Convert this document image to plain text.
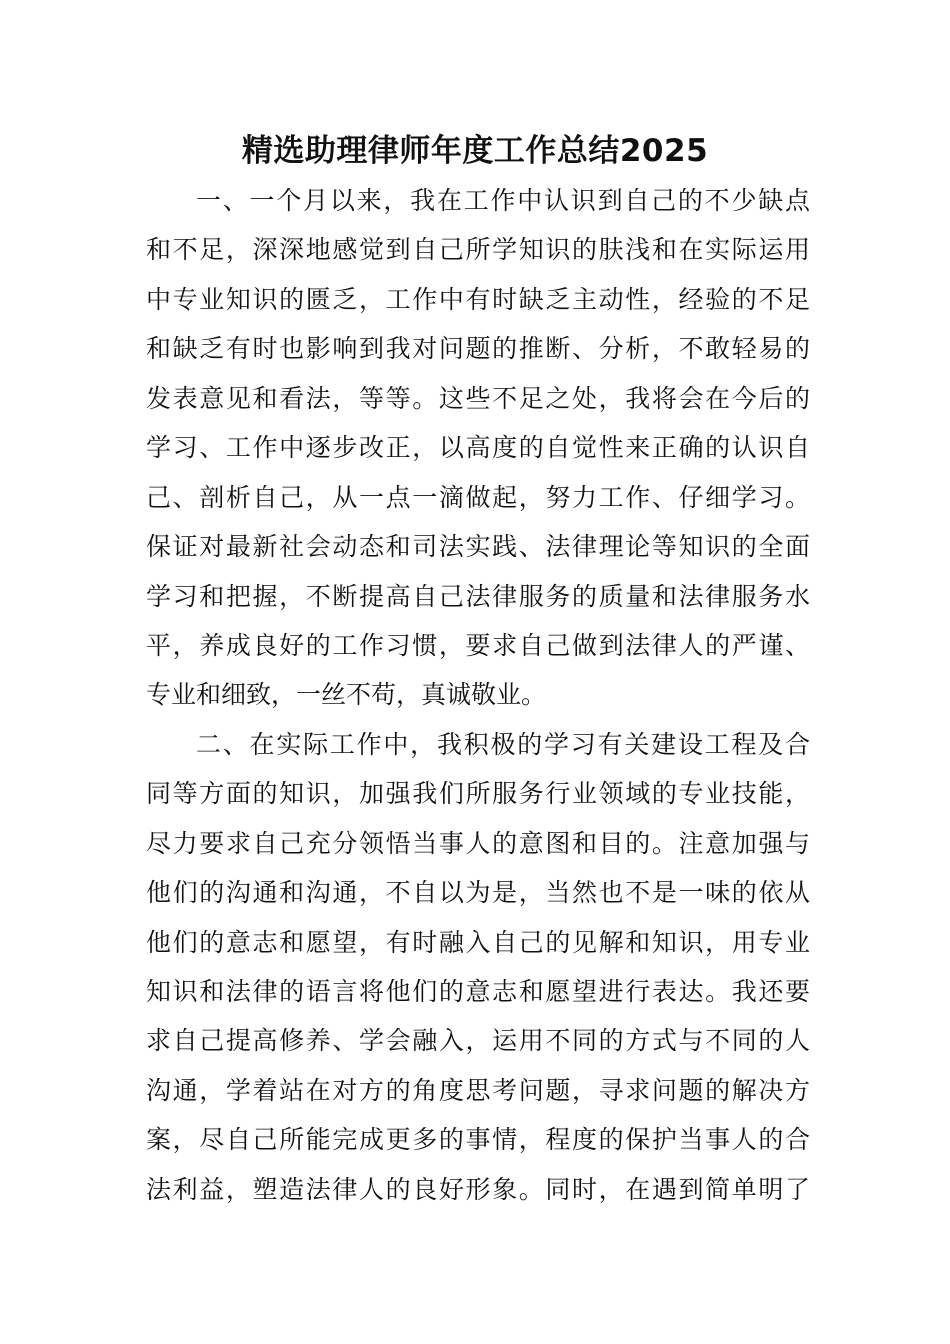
精选助理律师年度工作总结2025
一、一个月以来，我在工作中认识到自己的不少缺点
和不足，深深地感觉到自己所学知识的肤浅和在实际运用
中专业知识的匮乏，工作中有时缺乏主动性，经验的不足
和缺乏有时也影响到我对问题的推断、分析，不敢轻易的
发表意见和看法，等等。这些不足之处，我将会在今后的
学习、工作中逐步改正，以高度的自觉性来正确的认识自
己、剖析自己，从一点一滴做起，努力工作、仔细学习。
保证对最新社会动态和司法实践、法律理论等知识的全面
学习和把握，不断提高自己法律服务的质量和法律服务水
平，养成良好的工作习惯，要求自己做到法律人的严谨、
专业和细致，一丝不苟，真诚敬业。
二、在实际工作中，我积极的学习有关建设工程及合
同等方面的知识，加强我们所服务行业领域的专业技能，
尽力要求自己充分领悟当事人的意图和目的。注意加强与
他们的沟通和沟通，不自以为是，当然也不是一味的依从
他们的意志和愿望，有时融入自己的见解和知识，用专业
知识和法律的语言将他们的意志和愿望进行表达。我还要
求自己提高修养、学会融入，运用不同的方式与不同的人
沟通，学着站在对方的角度思考问题，寻求问题的解决方
案，尽自己所能完成更多的事情，程度的保护当事人的合
法利益，塑造法律人的良好形象。同时，在遇到简单明了
